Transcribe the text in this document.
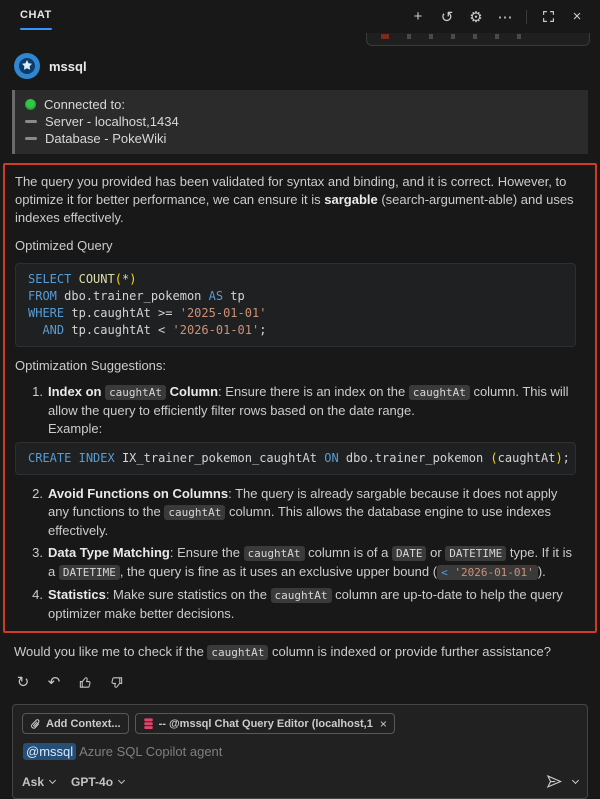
CHAT	+	↺	⚙ ⋯	×
mssql
Connected to:
Server - localhost,1434
Database - PokeWiki

The query you provided has been validated for syntax and binding, and it is correct. However, to optimize it for better performance, we can ensure it is sargable (search-argument-able) and uses indexes effectively.

Optimized Query

SELECT COUNT(*)
FROM dbo.trainer_pokemon AS tp
WHERE tp.caughtAt >= '2025-01-01'
AND tp.caughtAt < '2026-01-01';

Optimization Suggestions:

1. Index on caughtAt Column: Ensure there is an index on the caughtAt column. This will allow the query to efficiently filter rows based on the date range.
Example:
CREATE INDEX IX_trainer_pokemon_caughtAt ON dbo.trainer_pokemon (caughtAt);
2. Avoid Functions on Columns: The query is already sargable because it does not apply any functions to the caughtAt column. This allows the database engine to use indexes effectively.
3. Data Type Matching: Ensure the caughtAt column is of a DATE or DATETIME type. If it is a DATETIME , the query is fine as it uses an exclusive upper bound ( < '2026-01-01' ).
4. Statistics: Make sure statistics on the caughtAt column are up-to-date to help the query optimizer make better decisions.

Would you like me to check if the caughtAt column is indexed or provide further assistance?

↻	↶
Add Context...	-- @mssql Chat Query Editor (localhost,1 ×
@mssql Azure SQL Copilot agent
Ask GPT-4o
